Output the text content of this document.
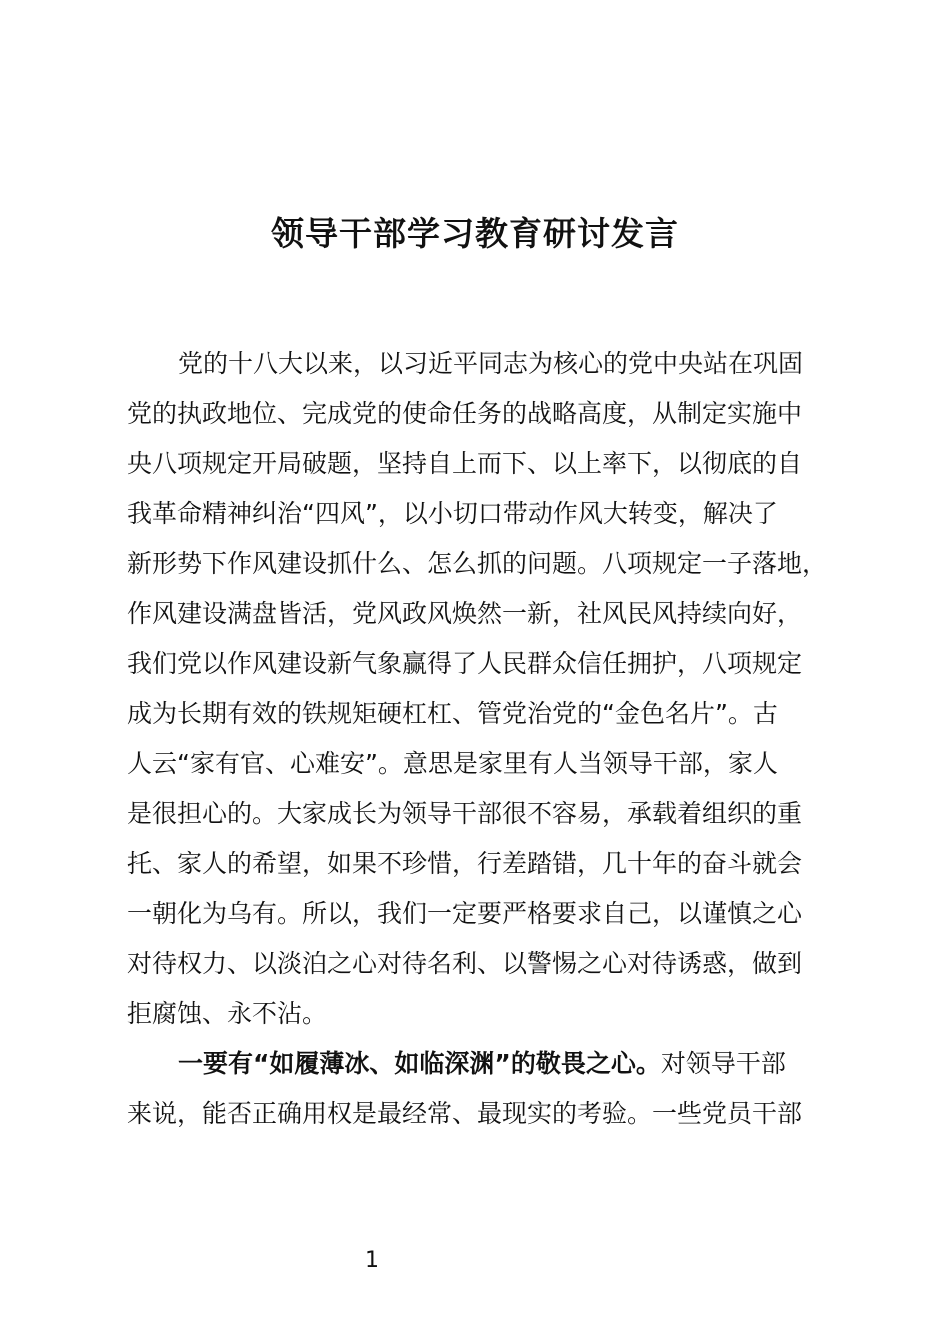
领导干部学习教育研讨发言

党的十八大以来，以习近平同志为核心的党中央站在巩固

党的执政地位、完成党的使命任务的战略高度，从制定实施中

央八项规定开局破题，坚持自上而下、以上率下，以彻底的自

我革命精神纠治“四风”，以小切口带动作风大转变，解决了

新形势下作风建设抓什么、怎么抓的问题。八项规定一子落地，

作风建设满盘皆活，党风政风焕然一新，社风民风持续向好，

我们党以作风建设新气象赢得了人民群众信任拥护，八项规定

成为长期有效的铁规矩硬杠杠、管党治党的“金色名片”。古

人云“家有官、心难安”。意思是家里有人当领导干部，家人

是很担心的。大家成长为领导干部很不容易，承载着组织的重

托、家人的希望，如果不珍惜，行差踏错，几十年的奋斗就会

一朝化为乌有。所以，我们一定要严格要求自己，以谨慎之心

对待权力、以淡泊之心对待名利、以警惕之心对待诱惑，做到

拒腐蚀、永不沾。

一要有“如履薄冰、如临深渊”的敬畏之心。对领导干部

来说，能否正确用权是最经常、最现实的考验。一些党员干部

1
